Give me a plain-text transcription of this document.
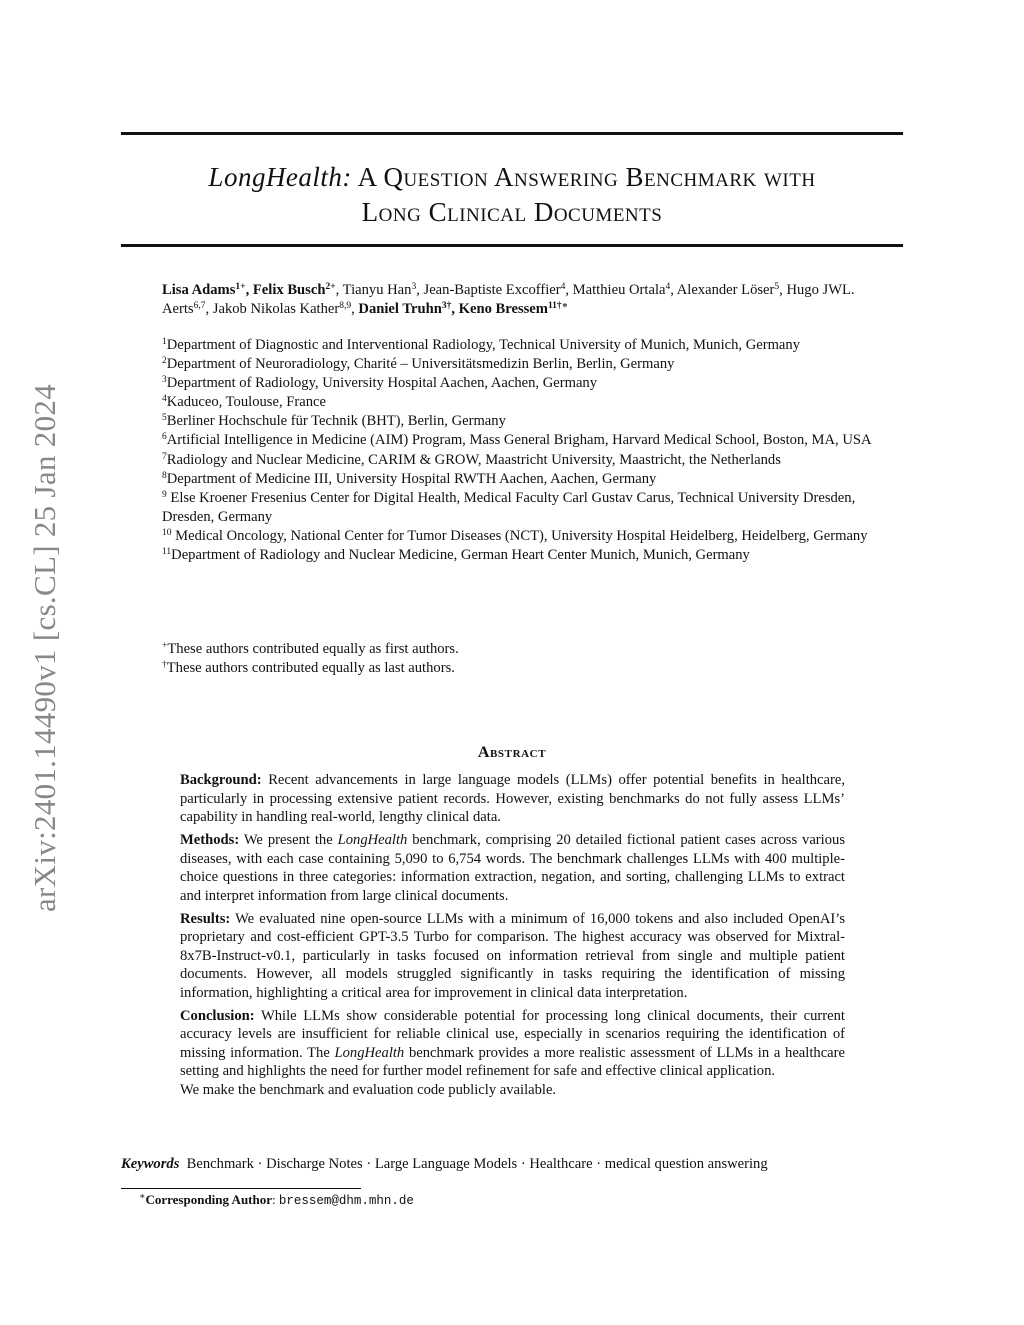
arXiv:2401.14490v1 [cs.CL] 25 Jan 2024
LongHealth: A Question Answering Benchmark with
Long Clinical Documents
Lisa Adams$^{1+}$, Felix Busch$^{2+}$, Tianyu Han$^3$, Jean-Baptiste Excoffier$^4$, Matthieu Ortala$^4$, Alexander Löser$^5$, Hugo JWL. Aerts$^{6,7}$, Jakob Nikolas Kather$^{8,9}$, Daniel Truhn$^{3\dagger}$, Keno Bressem$^{11\dagger∗}$
$^1$Department of Diagnostic and Interventional Radiology, Technical University of Munich, Munich, Germany
$^2$Department of Neuroradiology, Charité – Universitätsmedizin Berlin, Berlin, Germany
$^3$Department of Radiology, University Hospital Aachen, Aachen, Germany
$^4$Kaduceo, Toulouse, France
$^5$Berliner Hochschule für Technik (BHT), Berlin, Germany
$^6$Artificial Intelligence in Medicine (AIM) Program, Mass General Brigham, Harvard Medical School, Boston, MA, USA
$^7$Radiology and Nuclear Medicine, CARIM & GROW, Maastricht University, Maastricht, the Netherlands
$^8$Department of Medicine III, University Hospital RWTH Aachen, Aachen, Germany
$^9$ Else Kroener Fresenius Center for Digital Health, Medical Faculty Carl Gustav Carus, Technical University Dresden, Dresden, Germany
$^{10}$ Medical Oncology, National Center for Tumor Diseases (NCT), University Hospital Heidelberg, Heidelberg, Germany
$^{11}$Department of Radiology and Nuclear Medicine, German Heart Center Munich, Munich, Germany
+These authors contributed equally as first authors.
†These authors contributed equally as last authors.
Abstract

Background: Recent advancements in large language models (LLMs) offer potential benefits in healthcare, particularly in processing extensive patient records. However, existing benchmarks do not fully assess LLMs’ capability in handling real-world, lengthy clinical data.

Methods: We present the LongHealth benchmark, comprising 20 detailed fictional patient cases across various diseases, with each case containing 5,090 to 6,754 words. The benchmark challenges LLMs with 400 multiple-choice questions in three categories: information extraction, negation, and sorting, challenging LLMs to extract and interpret information from large clinical documents.

Results: We evaluated nine open-source LLMs with a minimum of 16,000 tokens and also included OpenAI’s proprietary and cost-efficient GPT-3.5 Turbo for comparison. The highest accuracy was observed for Mixtral-8x7B-Instruct-v0.1, particularly in tasks focused on information retrieval from single and multiple patient documents. However, all models struggled significantly in tasks requiring the identification of missing information, highlighting a critical area for improvement in clinical data interpretation.

Conclusion: While LLMs show considerable potential for processing long clinical documents, their current accuracy levels are insufficient for reliable clinical use, especially in scenarios requiring the identification of missing information. The LongHealth benchmark provides a more realistic assessment of LLMs in a healthcare setting and highlights the need for further model refinement for safe and effective clinical application.

We make the benchmark and evaluation code publicly available.

Keywords Benchmark · Discharge Notes · Large Language Models · Healthcare · medical question answering
∗Corresponding Author: bressem@dhm.mhn.de
